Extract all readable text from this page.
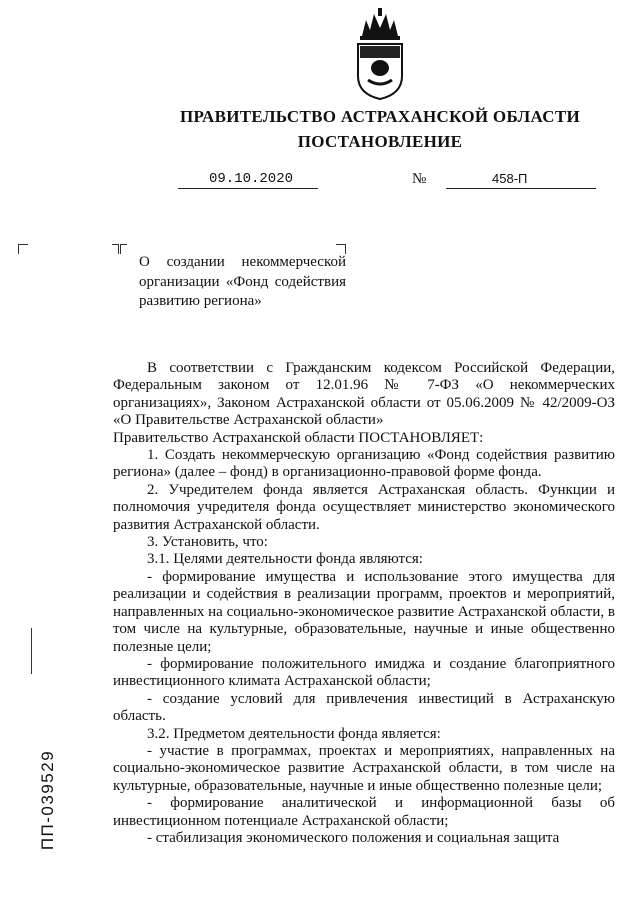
ПРАВИТЕЛЬСТВО АСТРАХАНСКОЙ ОБЛАСТИ
ПОСТАНОВЛЕНИЕ
09.10.2020	№	458-П
О создании некоммерческой организации «Фонд содействия развитию региона»

В соответствии с Гражданским кодексом Российской Федерации, Федеральным законом от 12.01.96 № 7-ФЗ «О некоммерческих организациях», Законом Астраханской области от 05.06.2009 № 42/2009-ОЗ «О Правительстве Астраханской области»

Правительство Астраханской области ПОСТАНОВЛЯЕТ:

1. Создать некоммерческую организацию «Фонд содействия развитию региона» (далее – фонд) в организационно-правовой форме фонда.

2. Учредителем фонда является Астраханская область. Функции и полномочия учредителя фонда осуществляет министерство экономического развития Астраханской области.

3. Установить, что:

3.1. Целями деятельности фонда являются:

- формирование имущества и использование этого имущества для реализации и содействия в реализации программ, проектов и мероприятий, направленных на социально-экономическое развитие Астраханской области, в том числе на культурные, образовательные, научные и иные общественно полезные цели;

- формирование положительного имиджа и создание благоприятного инвестиционного климата Астраханской области;

- создание условий для привлечения инвестиций в Астраханскую область.

3.2. Предметом деятельности фонда является:

- участие в программах, проектах и мероприятиях, направленных на социально-экономическое развитие Астраханской области, в том числе на культурные, образовательные, научные и иные общественно полезные цели;

- формирование аналитической и информационной базы об инвестиционном потенциале Астраханской области;

- стабилизация экономического положения и социальная защита

ПП-039529
